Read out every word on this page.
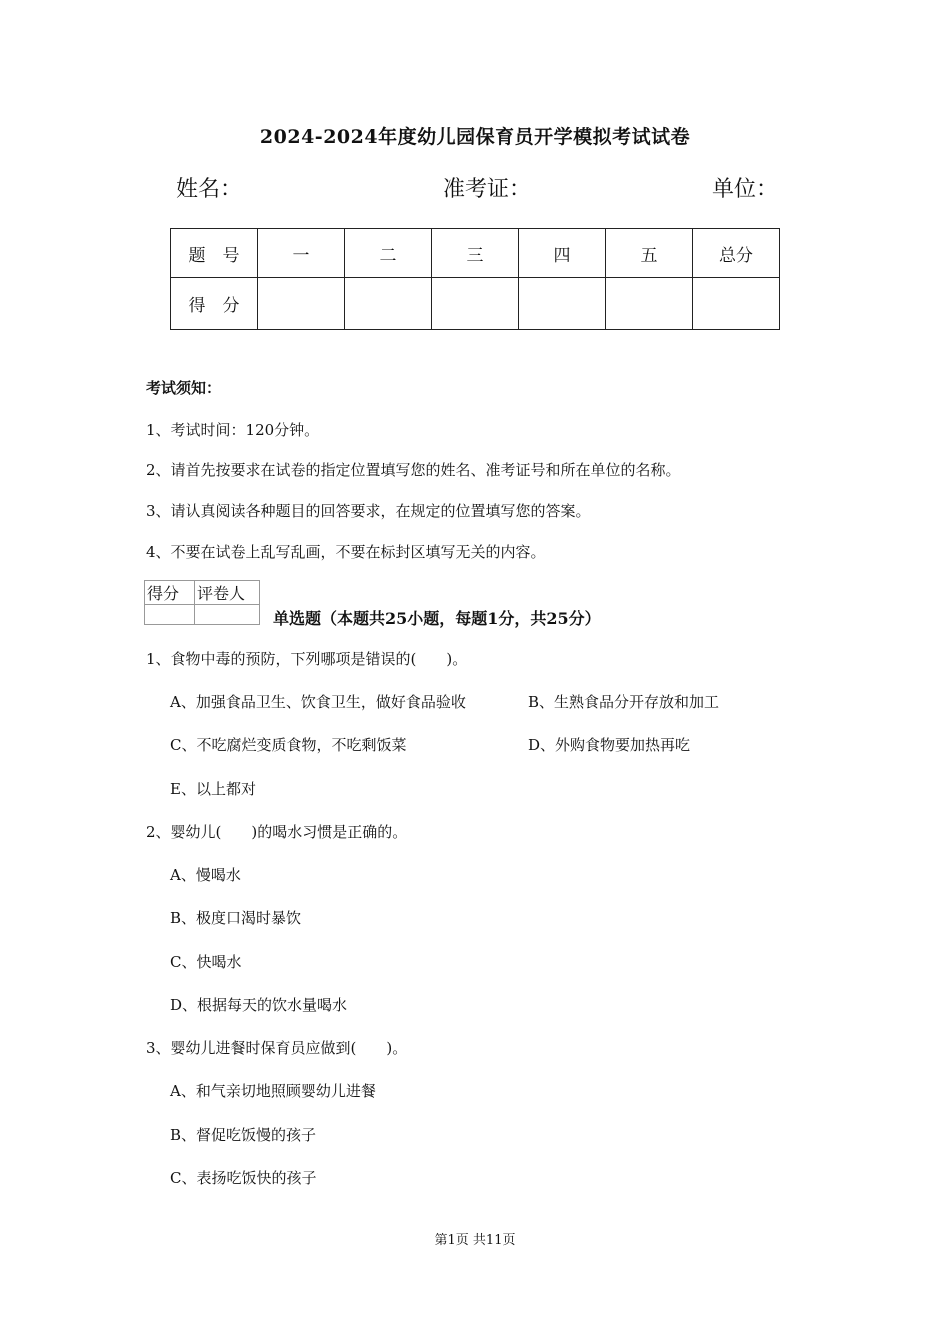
2024-2024年度幼儿园保育员开学模拟考试试卷
姓名：	准考证：	单位：
题　号	一	二	三	四	五	总分
得　分						
考试须知：
1、考试时间：120分钟。
2、请首先按要求在试卷的指定位置填写您的姓名、准考证号和所在单位的名称。
3、请认真阅读各种题目的回答要求，在规定的位置填写您的答案。
4、不要在试卷上乱写乱画，不要在标封区填写无关的内容。
得分	评卷人

单选题（本题共25小题，每题1分，共25分）
1、食物中毒的预防，下列哪项是错误的(　　)。
A、加强食品卫生、饮食卫生，做好食品验收	B、生熟食品分开存放和加工
C、不吃腐烂变质食物，不吃剩饭菜	D、外购食物要加热再吃
E、以上都对
2、婴幼儿(　　)的喝水习惯是正确的。
A、慢喝水
B、极度口渴时暴饮
C、快喝水
D、根据每天的饮水量喝水
3、婴幼儿进餐时保育员应做到(　　)。
A、和气亲切地照顾婴幼儿进餐
B、督促吃饭慢的孩子
C、表扬吃饭快的孩子
第1页 共11页
